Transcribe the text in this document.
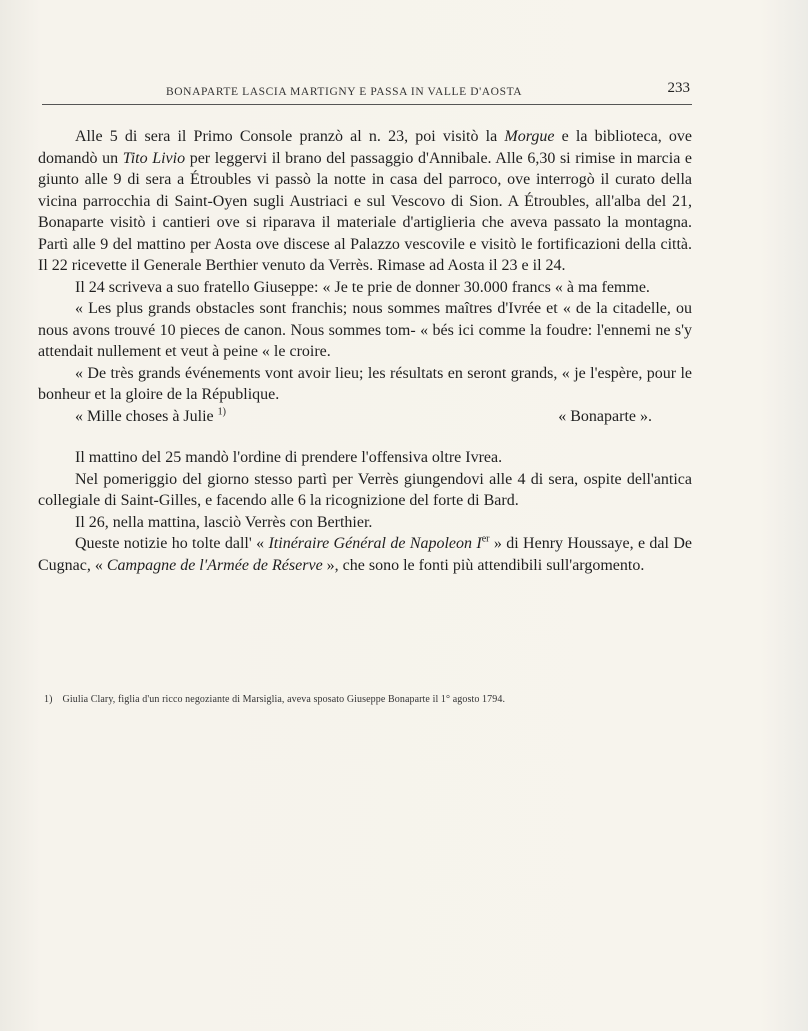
BONAPARTE LASCIA MARTIGNY E PASSA IN VALLE D'AOSTA	233

Alle 5 di sera il Primo Console pranzò al n. 23, poi visitò la Morgue e la biblioteca, ove domandò un Tito Livio per leggervi il brano del passaggio d'Annibale. Alle 6,30 si rimise in marcia e giunto alle 9 di sera a Étroubles vi passò la notte in casa del parroco, ove interrogò il curato della vicina parrocchia di Saint-Oyen sugli Austriaci e sul Vescovo di Sion. A Étroubles, all'alba del 21, Bonaparte visitò i cantieri ove si riparava il materiale d'artiglieria che aveva passato la montagna. Partì alle 9 del mattino per Aosta ove discese al Palazzo vescovile e visitò le fortificazioni della città. Il 22 ricevette il Generale Berthier venuto da Verrès. Rimase ad Aosta il 23 e il 24.

Il 24 scriveva a suo fratello Giuseppe: « Je te prie de donner 30.000 francs « à ma femme.

« Les plus grands obstacles sont franchis; nous sommes maîtres d'Ivrée et « de la citadelle, ou nous avons trouvé 10 pieces de canon. Nous sommes tom- « bés ici comme la foudre: l'ennemi ne s'y attendait nullement et veut à peine « le croire.

« De très grands événements vont avoir lieu; les résultats en seront grands, « je l'espère, pour le bonheur et la gloire de la République.

« Mille choses à Julie $^{1)}$	« Bonaparte ».

Il mattino del 25 mandò l'ordine di prendere l'offensiva oltre Ivrea.

Nel pomeriggio del giorno stesso partì per Verrès giungendovi alle 4 di sera, ospite dell'antica collegiale di Saint-Gilles, e facendo alle 6 la ricognizione del forte di Bard.

Il 26, nella mattina, lasciò Verrès con Berthier.

Queste notizie ho tolte dall' « Itinéraire Général de Napoleon Ier » di Henry Houssaye, e dal De Cugnac, « Campagne de l'Armée de Réserve », che sono le fonti più attendibili sull'argomento.

1) Giulia Clary, figlia d'un ricco negoziante di Marsiglia, aveva sposato Giuseppe Bonaparte il 1° agosto 1794.
